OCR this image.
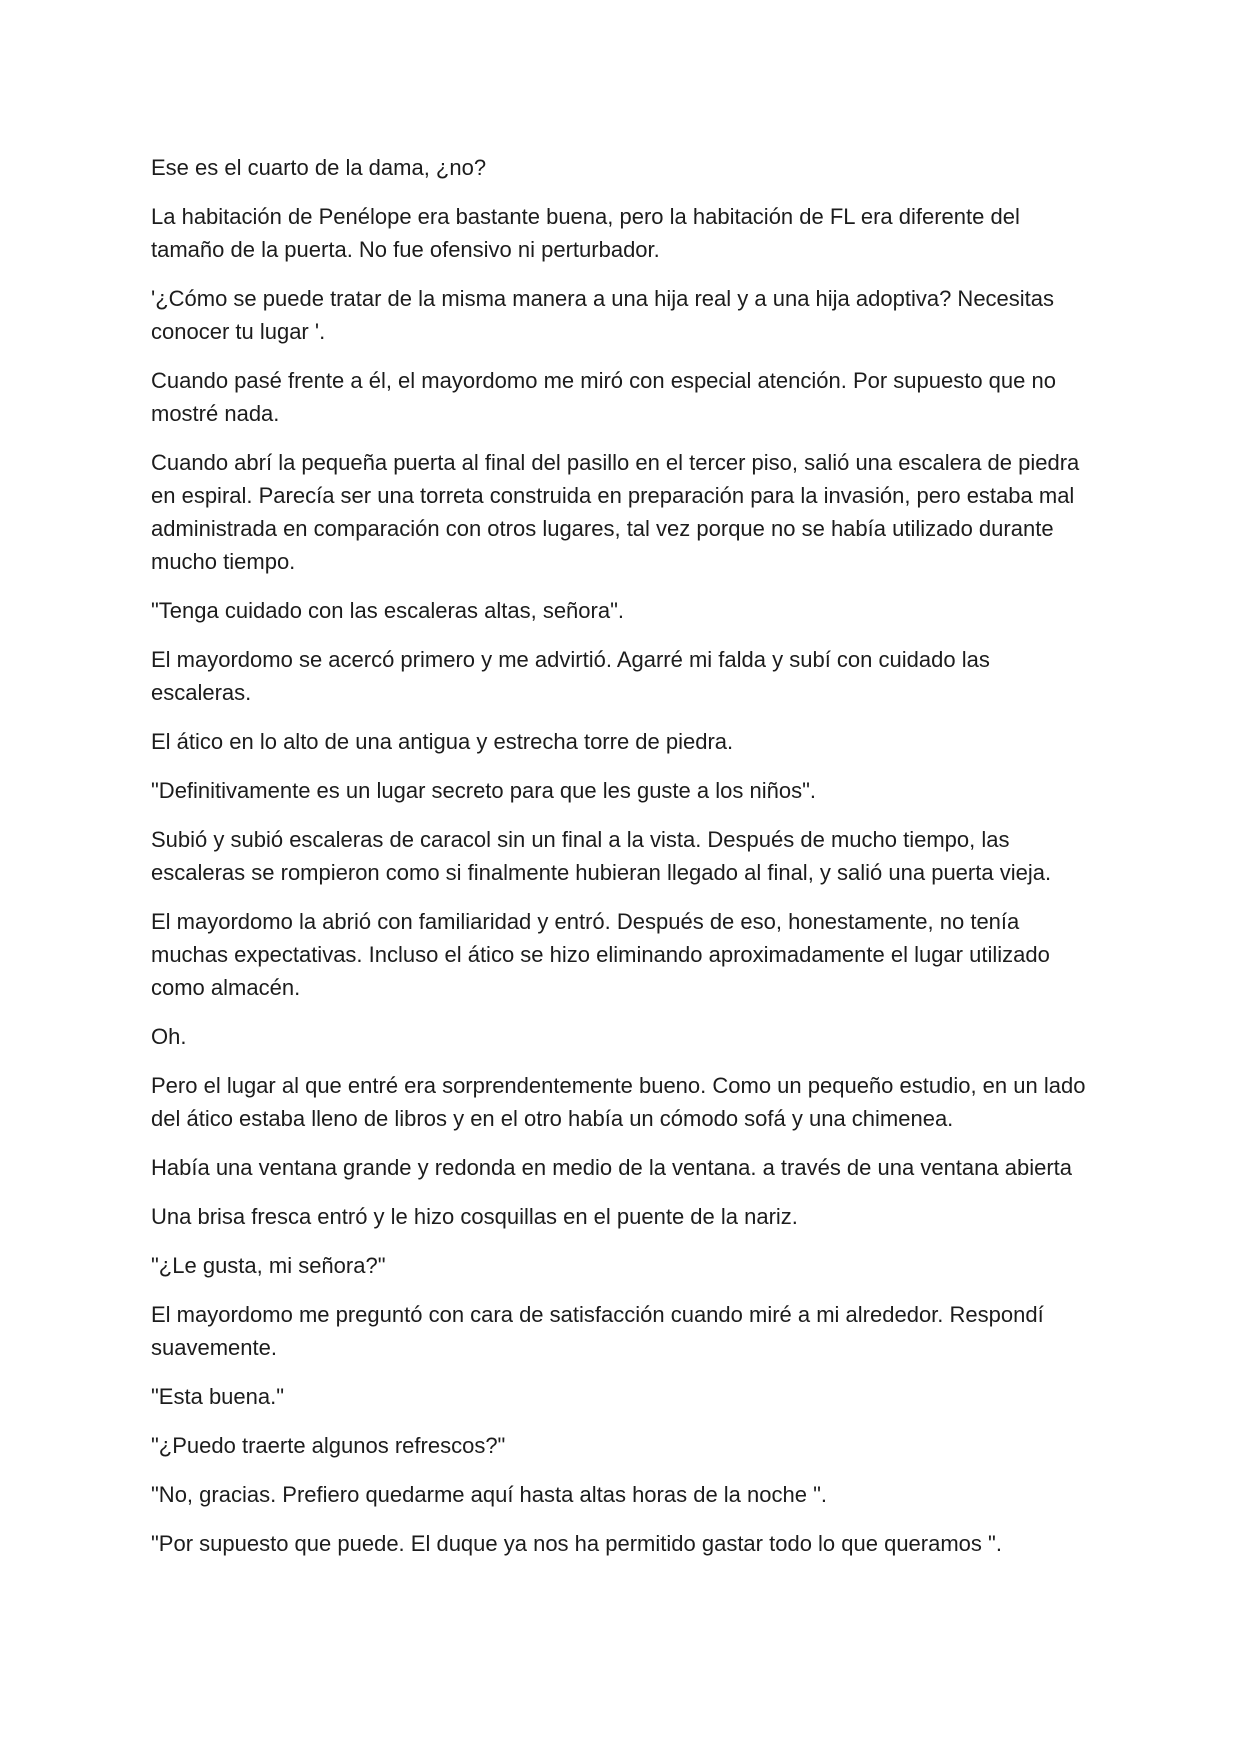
Ese es el cuarto de la dama, ¿no?

La habitación de Penélope era bastante buena, pero la habitación de FL era diferente del tamaño de la puerta. No fue ofensivo ni perturbador.

'¿Cómo se puede tratar de la misma manera a una hija real y a una hija adoptiva? Necesitas conocer tu lugar '.

Cuando pasé frente a él, el mayordomo me miró con especial atención. Por supuesto que no mostré nada.

Cuando abrí la pequeña puerta al final del pasillo en el tercer piso, salió una escalera de piedra en espiral. Parecía ser una torreta construida en preparación para la invasión, pero estaba mal administrada en comparación con otros lugares, tal vez porque no se había utilizado durante mucho tiempo.

"Tenga cuidado con las escaleras altas, señora".

El mayordomo se acercó primero y me advirtió. Agarré mi falda y subí con cuidado las escaleras.

El ático en lo alto de una antigua y estrecha torre de piedra.

"Definitivamente es un lugar secreto para que les guste a los niños".

Subió y subió escaleras de caracol sin un final a la vista. Después de mucho tiempo, las escaleras se rompieron como si finalmente hubieran llegado al final, y salió una puerta vieja.

El mayordomo la abrió con familiaridad y entró. Después de eso, honestamente, no tenía muchas expectativas. Incluso el ático se hizo eliminando aproximadamente el lugar utilizado como almacén.

Oh.

Pero el lugar al que entré era sorprendentemente bueno. Como un pequeño estudio, en un lado del ático estaba lleno de libros y en el otro había un cómodo sofá y una chimenea.

Había una ventana grande y redonda en medio de la ventana. a través de una ventana abierta

Una brisa fresca entró y le hizo cosquillas en el puente de la nariz.

"¿Le gusta, mi señora?"

El mayordomo me preguntó con cara de satisfacción cuando miré a mi alrededor. Respondí suavemente.

"Esta buena."

"¿Puedo traerte algunos refrescos?"

"No, gracias. Prefiero quedarme aquí hasta altas horas de la noche ".

"Por supuesto que puede. El duque ya nos ha permitido gastar todo lo que queramos ".
